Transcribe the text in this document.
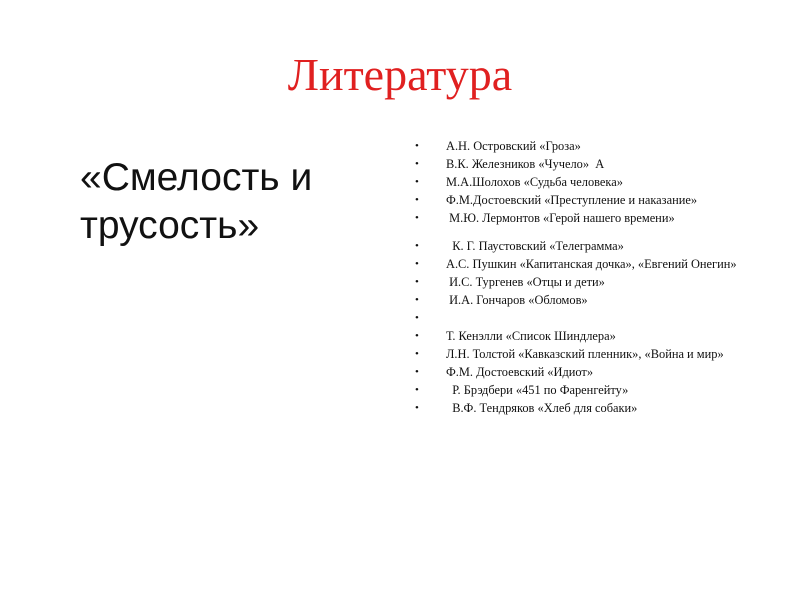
Литература
«Смелость и трусость»
• А.Н. Островский «Гроза»
• В.К. Железников «Чучело»  А
• М.А.Шолохов «Судьба человека»
• Ф.М.Достоевский «Преступление и наказание»
• М.Ю. Лермонтов «Герой нашего времени»
• К. Г. Паустовский «Телеграмма»
• А.С. Пушкин «Капитанская дочка», «Евгений Онегин»
• И.С. Тургенев «Отцы и дети»
• И.А. Гончаров «Обломов»
•
• Т. Кенэлли «Список Шиндлера»
• Л.Н. Толстой «Кавказский пленник», «Война и мир»
• Ф.М. Достоевский «Идиот»
• Р. Брэдбери «451 по Фаренгейту»
• В.Ф. Тендряков «Хлеб для собаки»
